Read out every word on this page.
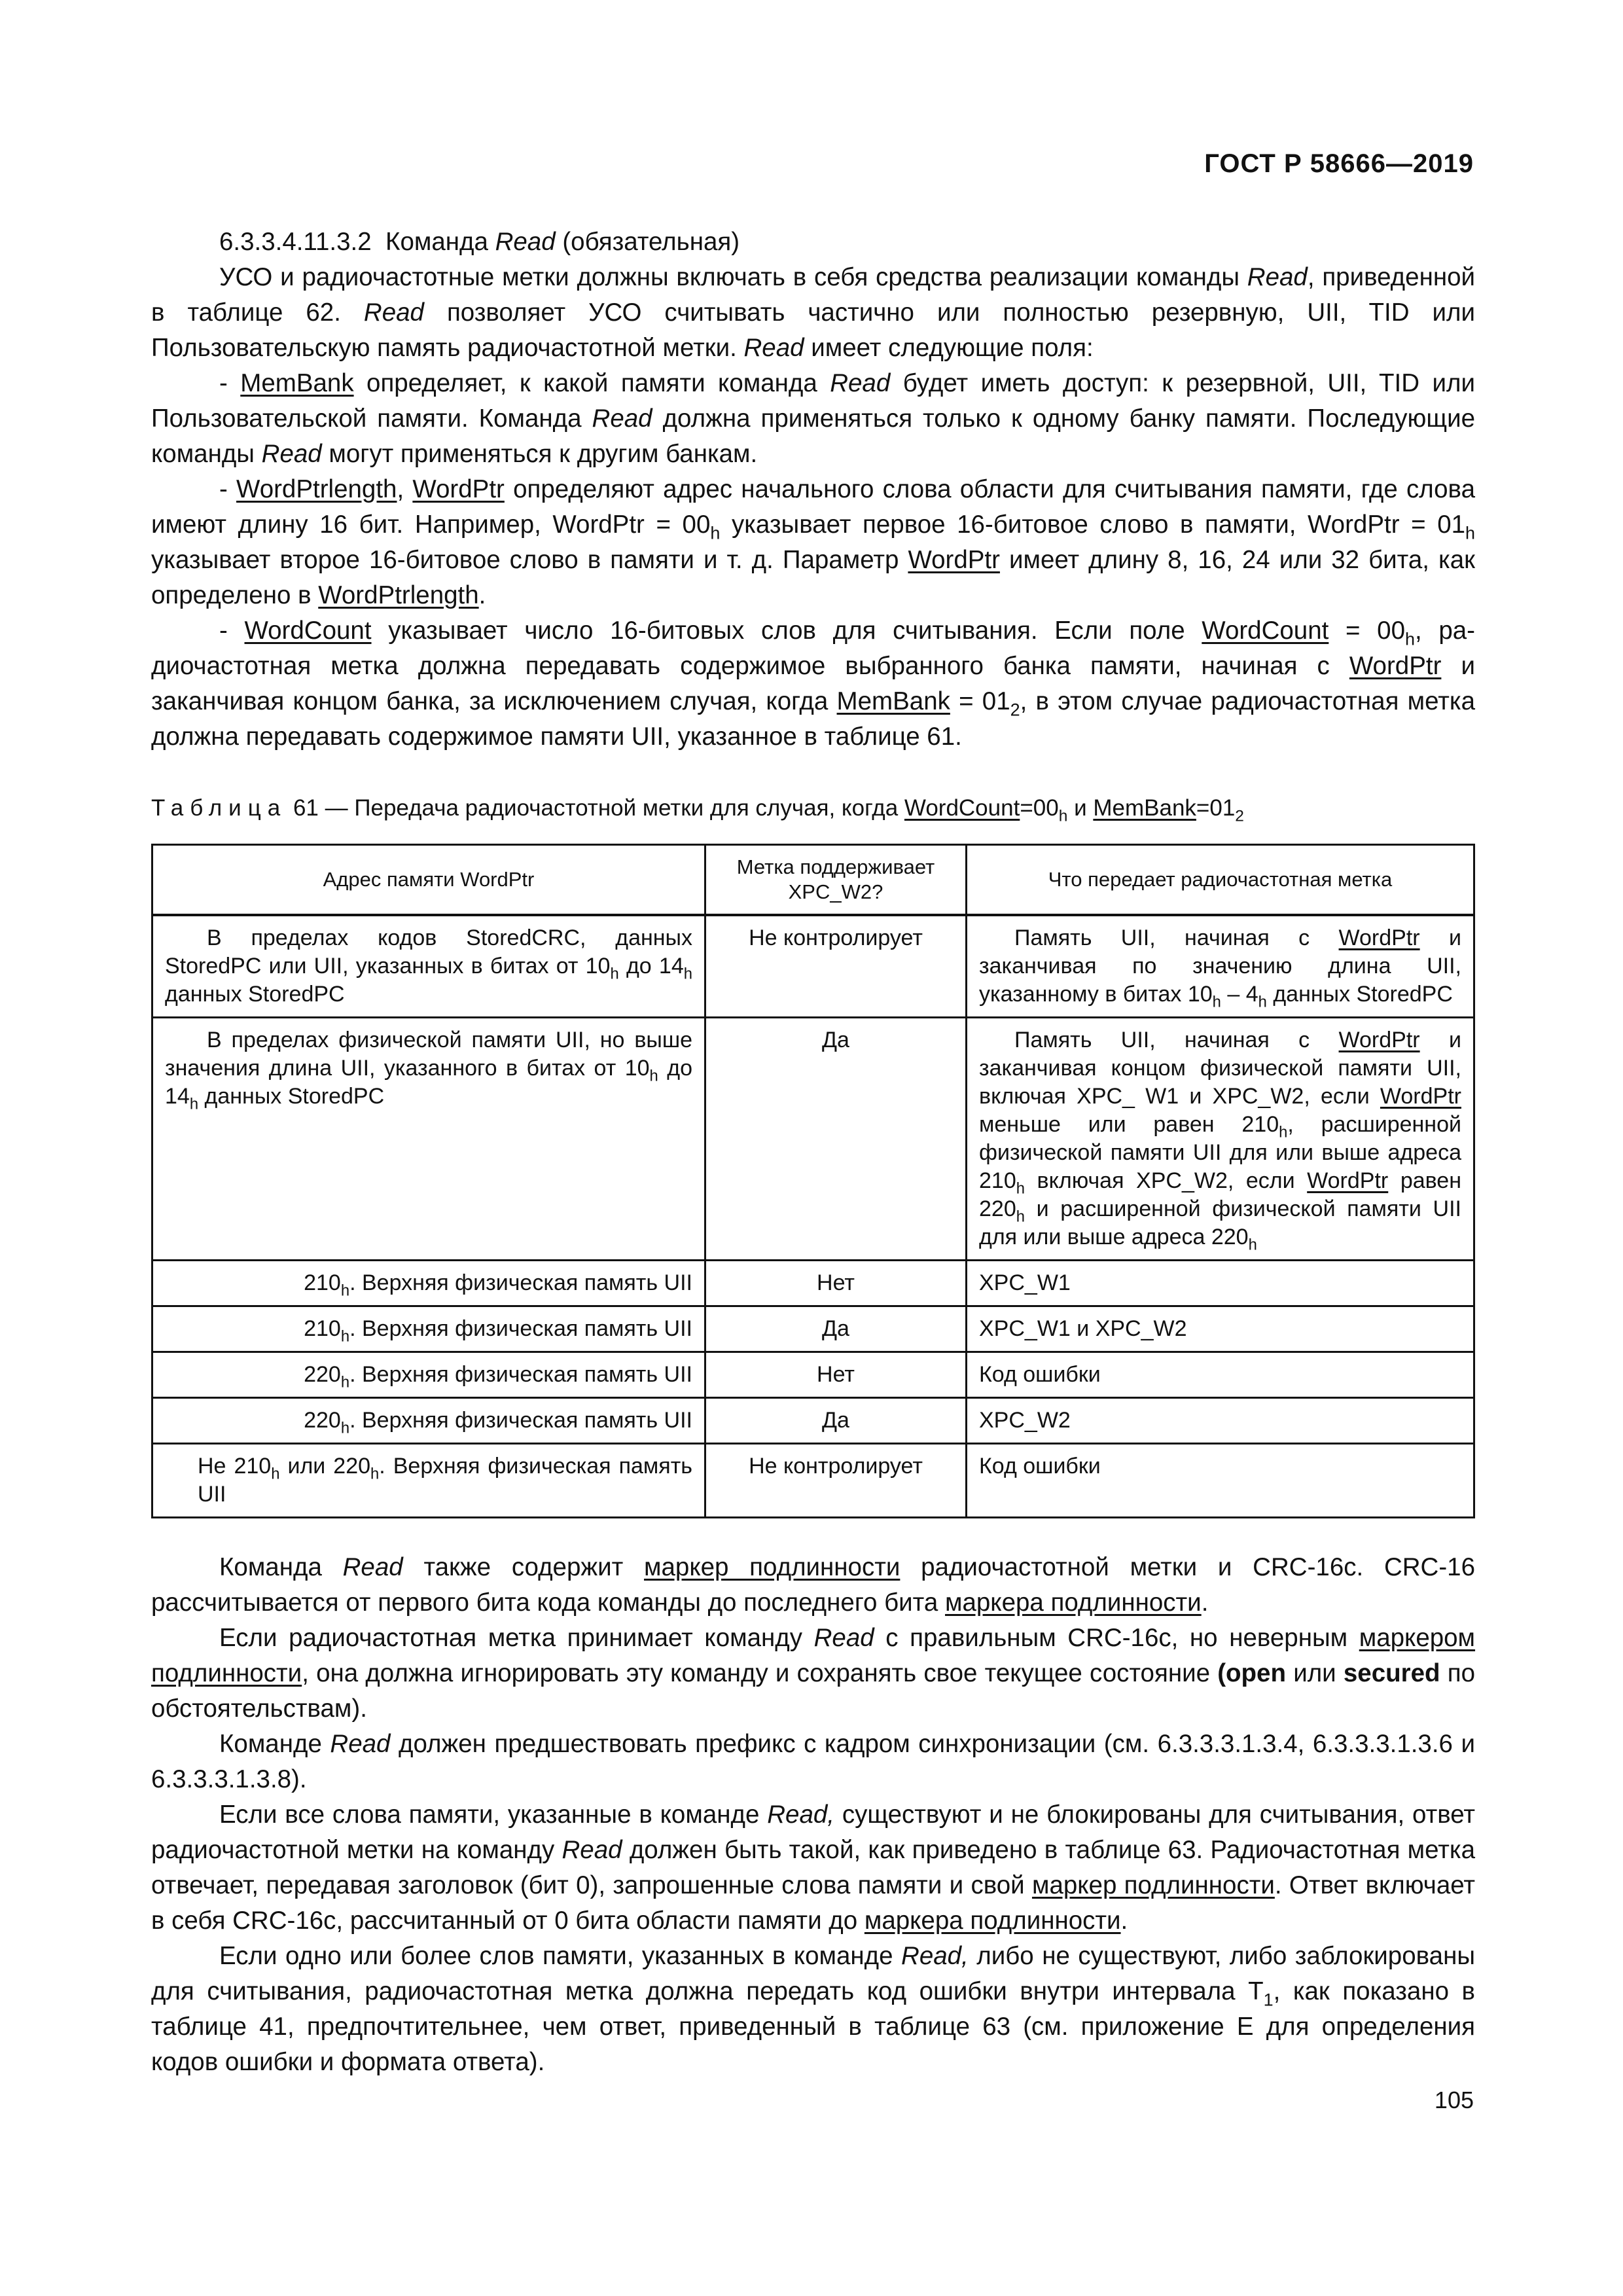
ГОСТ Р 58666—2019

6.3.3.4.11.3.2 Команда Read (обязательная)

УСО и радиочастотные метки должны включать в себя средства реализации команды Read, приведенной в таблице 62. Read позволяет УСО считывать частично или полностью резервную, UII, TID или Пользовательскую память радиочастотной метки. Read имеет следующие поля:

- MemBank определяет, к какой памяти команда Read будет иметь доступ: к резервной, UII, TID или Пользовательской памяти. Команда Read должна применяться только к одному банку памяти. Последующие команды Read могут применяться к другим банкам.

- WordPtrlength, WordPtr определяют адрес начального слова области для считывания памяти, где слова имеют длину 16 бит. Например, WordPtr = $00_h$ указывает первое 16-битовое слово в памяти, WordPtr = $01_h$ указывает второе 16-битовое слово в памяти и т. д. Параметр WordPtr имеет длину 8, 16, 24 или 32 бита, как определено в WordPtrlength.

- WordCount указывает число 16-битовых слов для считывания. Если поле WordCount = $00_h$, радиочастотная метка должна передавать содержимое выбранного банка памяти, начиная с WordPtr и заканчивая концом банка, за исключением случая, когда MemBank = $01_2$, в этом случае радиочастотная метка должна передавать содержимое памяти UII, указанное в таблице 61.

Таблица 61 — Передача радиочастотной метки для случая, когда $WordCount=00_h$ и $MemBank=01_2$
Адрес памяти WordPtr	Метка поддерживает XPC_W2?	Что передает радиочастотная метка
В пределах кодов StoredCRC, данных StoredPC или UII, указанных в битах от $10_h$ до $14_h$ данных StoredPC	Не контролирует	Память UII, начиная с WordPtr и заканчивая по значению длина UII, указанному в битах $10_h - 4_h$ данных StoredPC
В пределах физической памяти UII, но выше значения длина UII, указанного в битах от $10_h$ до $14_h$ данных StoredPC	Да	Память UII, начиная с WordPtr и заканчивая концом физической памяти UII, включая XPC_ W1 и XPC_W2, если WordPtr меньше или равен $210_h$, расширенной физической памяти UII для или выше адреса $210_h$ включая XPC_W2, если WordPtr равен $220_h$ и расширенной физической памяти UII для или выше адреса $220_h$
$210_h$. Верхняя физическая память UII	Нет	XPC_W1
$210_h$. Верхняя физическая память UII	Да	XPC_W1 и XPC_W2
$220_h$. Верхняя физическая память UII	Нет	Код ошибки
$220_h$. Верхняя физическая память UII	Да	XPC_W2
Не $210_h$ или $220_h$. Верхняя физическая память UII	Не контролирует	Код ошибки

Команда Read также содержит маркер подлинности радиочастотной метки и CRC-16с. CRC-16 рассчитывается от первого бита кода команды до последнего бита маркера подлинности.

Если радиочастотная метка принимает команду Read с правильным CRC-16с, но неверным маркером подлинности, она должна игнорировать эту команду и сохранять свое текущее состояние (open или secured по обстоятельствам).

Команде Read должен предшествовать префикс с кадром синхронизации (см. 6.3.3.3.1.3.4, 6.3.3.3.1.3.6 и 6.3.3.3.1.3.8).

Если все слова памяти, указанные в команде Read, существуют и не блокированы для считывания, ответ радиочастотной метки на команду Read должен быть такой, как приведено в таблице 63. Радиочастотная метка отвечает, передавая заголовок (бит 0), запрошенные слова памяти и свой маркер подлинности. Ответ включает в себя CRC-16с, рассчитанный от 0 бита области памяти до маркера подлинности.

Если одно или более слов памяти, указанных в команде Read, либо не существуют, либо заблокированы для считывания, радиочастотная метка должна передать код ошибки внутри интервала $T_1$, как показано в таблице 41, предпочтительнее, чем ответ, приведенный в таблице 63 (см. приложение E для определения кодов ошибки и формата ответа).

105
